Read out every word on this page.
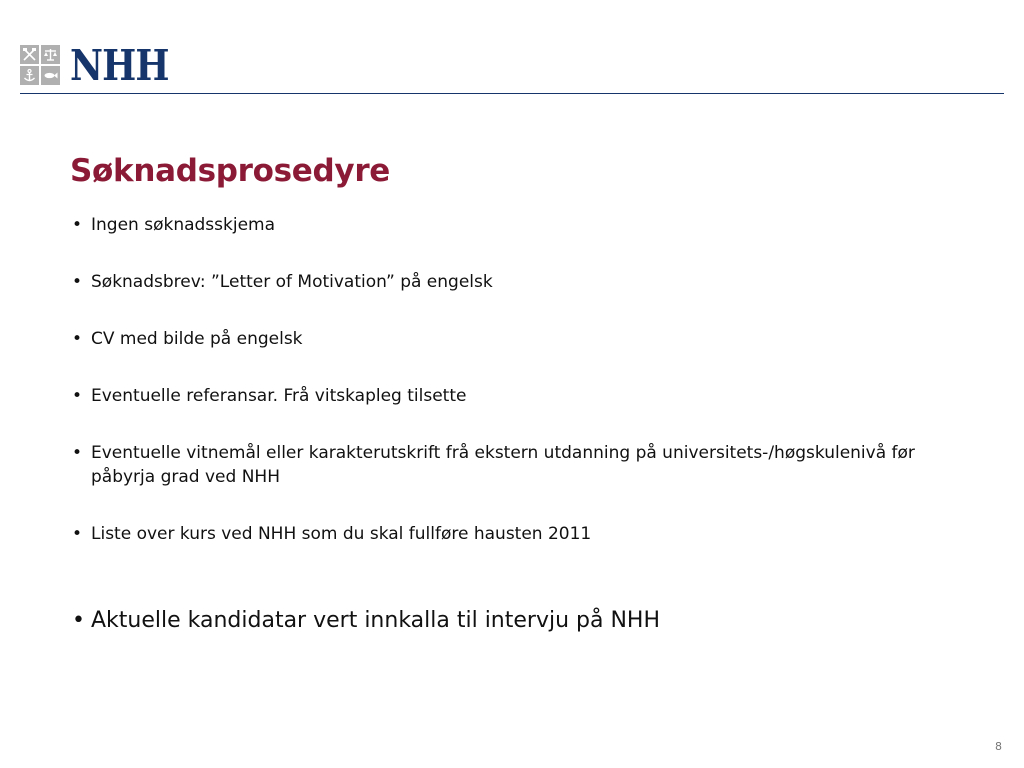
NHH
Søknadsprosedyre
• Ingen søknadsskjema
• Søknadsbrev: ”Letter of Motivation” på engelsk
• CV med bilde på engelsk
• Eventuelle referansar. Frå vitskapleg tilsette
• Eventuelle vitnemål eller karakterutskrift frå ekstern utdanning på universitets-/høgskulenivå før påbyrja grad ved NHH
• Liste over kurs ved NHH som du skal fullføre hausten 2011
• Aktuelle kandidatar vert innkalla til intervju på NHH
8
